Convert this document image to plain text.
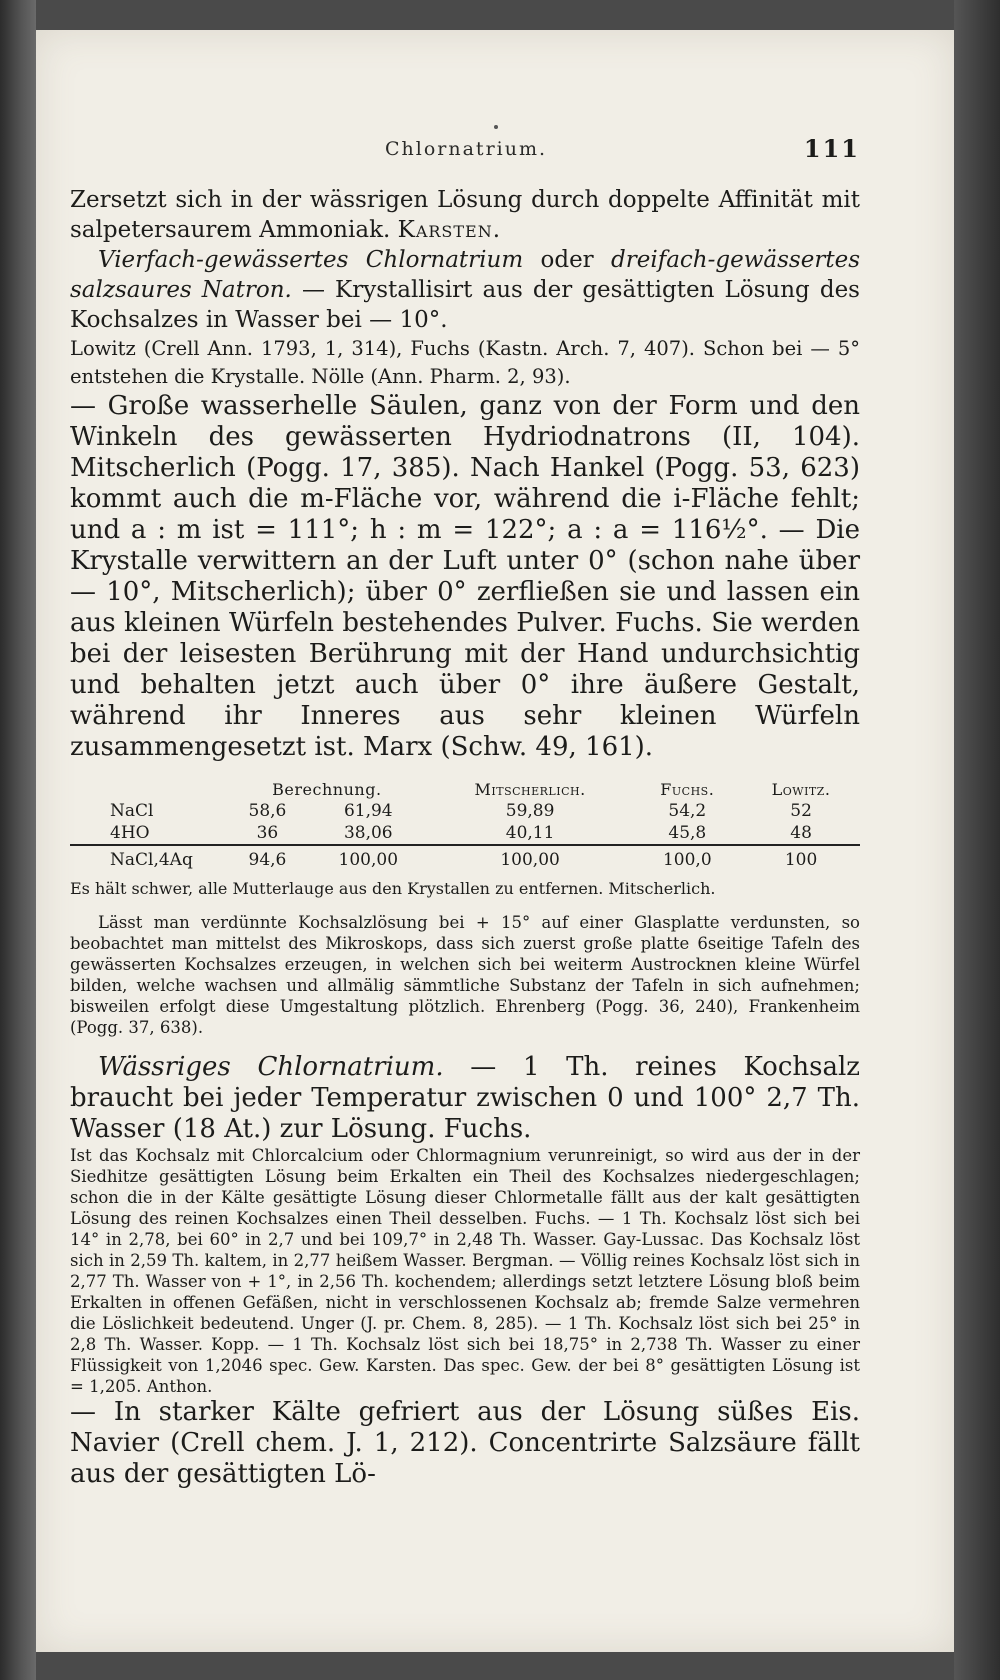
Chlornatrium.	111

Zersetzt sich in der wässrigen Lösung durch doppelte Affinität mit salpetersaurem Ammoniak. Karsten.

Vierfach-gewässertes Chlornatrium oder dreifach-gewässertes salzsaures Natron. — Krystallisirt aus der gesättigten Lösung des Kochsalzes in Wasser bei — 10°.

Lowitz (Crell Ann. 1793, 1, 314), Fuchs (Kastn. Arch. 7, 407). Schon bei — 5° entstehen die Krystalle. Nölle (Ann. Pharm. 2, 93).

— Große wasserhelle Säulen, ganz von der Form und den Winkeln des gewässerten Hydriodnatrons (II, 104). Mitscherlich (Pogg. 17, 385). Nach Hankel (Pogg. 53, 623) kommt auch die m-Fläche vor, während die i-Fläche fehlt; und a : m ist = 111°; h : m = 122°; a : a = 116½°. — Die Krystalle verwittern an der Luft unter 0° (schon nahe über — 10°, Mitscherlich); über 0° zerfließen sie und lassen ein aus kleinen Würfeln bestehendes Pulver. Fuchs. Sie werden bei der leisesten Berührung mit der Hand undurchsichtig und behalten jetzt auch über 0° ihre äußere Gestalt, während ihr Inneres aus sehr kleinen Würfeln zusammengesetzt ist. Marx (Schw. 49, 161).

	Berechnung.		Mitscherlich.	Fuchs.	Lowitz.
NaCl	58,6	61,94	59,89	54,2	52
4HO	36	38,06	40,11	45,8	48
NaCl,4Aq	94,6	100,00	100,00	100,0	100

Es hält schwer, alle Mutterlauge aus den Krystallen zu entfernen. Mitscherlich.

Lässt man verdünnte Kochsalzlösung bei + 15° auf einer Glasplatte verdunsten, so beobachtet man mittelst des Mikroskops, dass sich zuerst große platte 6seitige Tafeln des gewässerten Kochsalzes erzeugen, in welchen sich bei weiterm Austrocknen kleine Würfel bilden, welche wachsen und allmälig sämmtliche Substanz der Tafeln in sich aufnehmen; bisweilen erfolgt diese Umgestaltung plötzlich. Ehrenberg (Pogg. 36, 240), Frankenheim (Pogg. 37, 638).

Wässriges Chlornatrium. — 1 Th. reines Kochsalz braucht bei jeder Temperatur zwischen 0 und 100° 2,7 Th. Wasser (18 At.) zur Lösung. Fuchs.

Ist das Kochsalz mit Chlorcalcium oder Chlormagnium verunreinigt, so wird aus der in der Siedhitze gesättigten Lösung beim Erkalten ein Theil des Kochsalzes niedergeschlagen; schon die in der Kälte gesättigte Lösung dieser Chlormetalle fällt aus der kalt gesättigten Lösung des reinen Kochsalzes einen Theil desselben. Fuchs. — 1 Th. Kochsalz löst sich bei 14° in 2,78, bei 60° in 2,7 und bei 109,7° in 2,48 Th. Wasser. Gay-Lussac. Das Kochsalz löst sich in 2,59 Th. kaltem, in 2,77 heißem Wasser. Bergman. — Völlig reines Kochsalz löst sich in 2,77 Th. Wasser von + 1°, in 2,56 Th. kochendem; allerdings setzt letztere Lösung bloß beim Erkalten in offenen Gefäßen, nicht in verschlossenen Kochsalz ab; fremde Salze vermehren die Löslichkeit bedeutend. Unger (J. pr. Chem. 8, 285). — 1 Th. Kochsalz löst sich bei 25° in 2,8 Th. Wasser. Kopp. — 1 Th. Kochsalz löst sich bei 18,75° in 2,738 Th. Wasser zu einer Flüssigkeit von 1,2046 spec. Gew. Karsten. Das spec. Gew. der bei 8° gesättigten Lösung ist = 1,205. Anthon.

— In starker Kälte gefriert aus der Lösung süßes Eis. Navier (Crell chem. J. 1, 212). Concentrirte Salzsäure fällt aus der gesättigten Lö-
